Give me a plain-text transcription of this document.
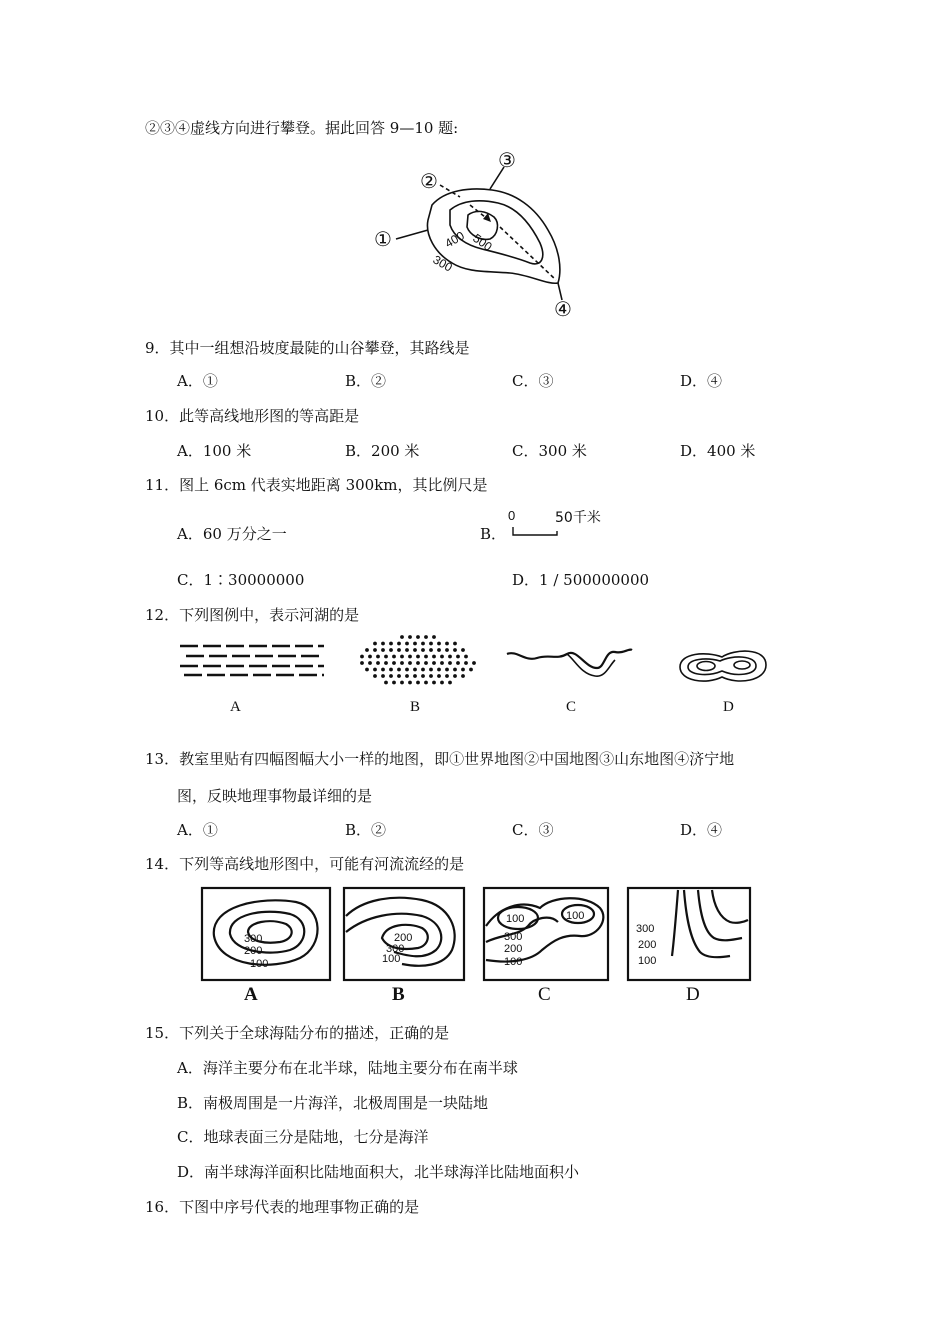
②③④虚线方向进行攀登。据此回答 9—10 题:
①
②
③
④
500
400
300
9．其中一组想沿坡度最陡的山谷攀登，其路线是
A．①	B．②	C．③	D．④
10．此等高线地形图的等高距是
A．100 米	B．200 米	C．300 米	D．400 米
11．图上 6cm 代表实地距离 300km，其比例尺是
A．60 万分之一	B．
0	50千米
C．1∶30000000	D．1 / 500000000
12．下列图例中，表示河湖的是
A	B	C	D
13．教室里贴有四幅图幅大小一样的地图，即①世界地图②中国地图③山东地图④济宁地
图，反映地理事物最详细的是
A．①	B．②	C．③	D．④
14．下列等高线地形图中，可能有河流流经的是
300
200
100
200
300
100
100	100
300
200
100
300
200
100
A	B	C	D
15．下列关于全球海陆分布的描述，正确的是
A．海洋主要分布在北半球，陆地主要分布在南半球
B．南极周围是一片海洋，北极周围是一块陆地
C．地球表面三分是陆地，七分是海洋
D．南半球海洋面积比陆地面积大，北半球海洋比陆地面积小
16．下图中序号代表的地理事物正确的是
